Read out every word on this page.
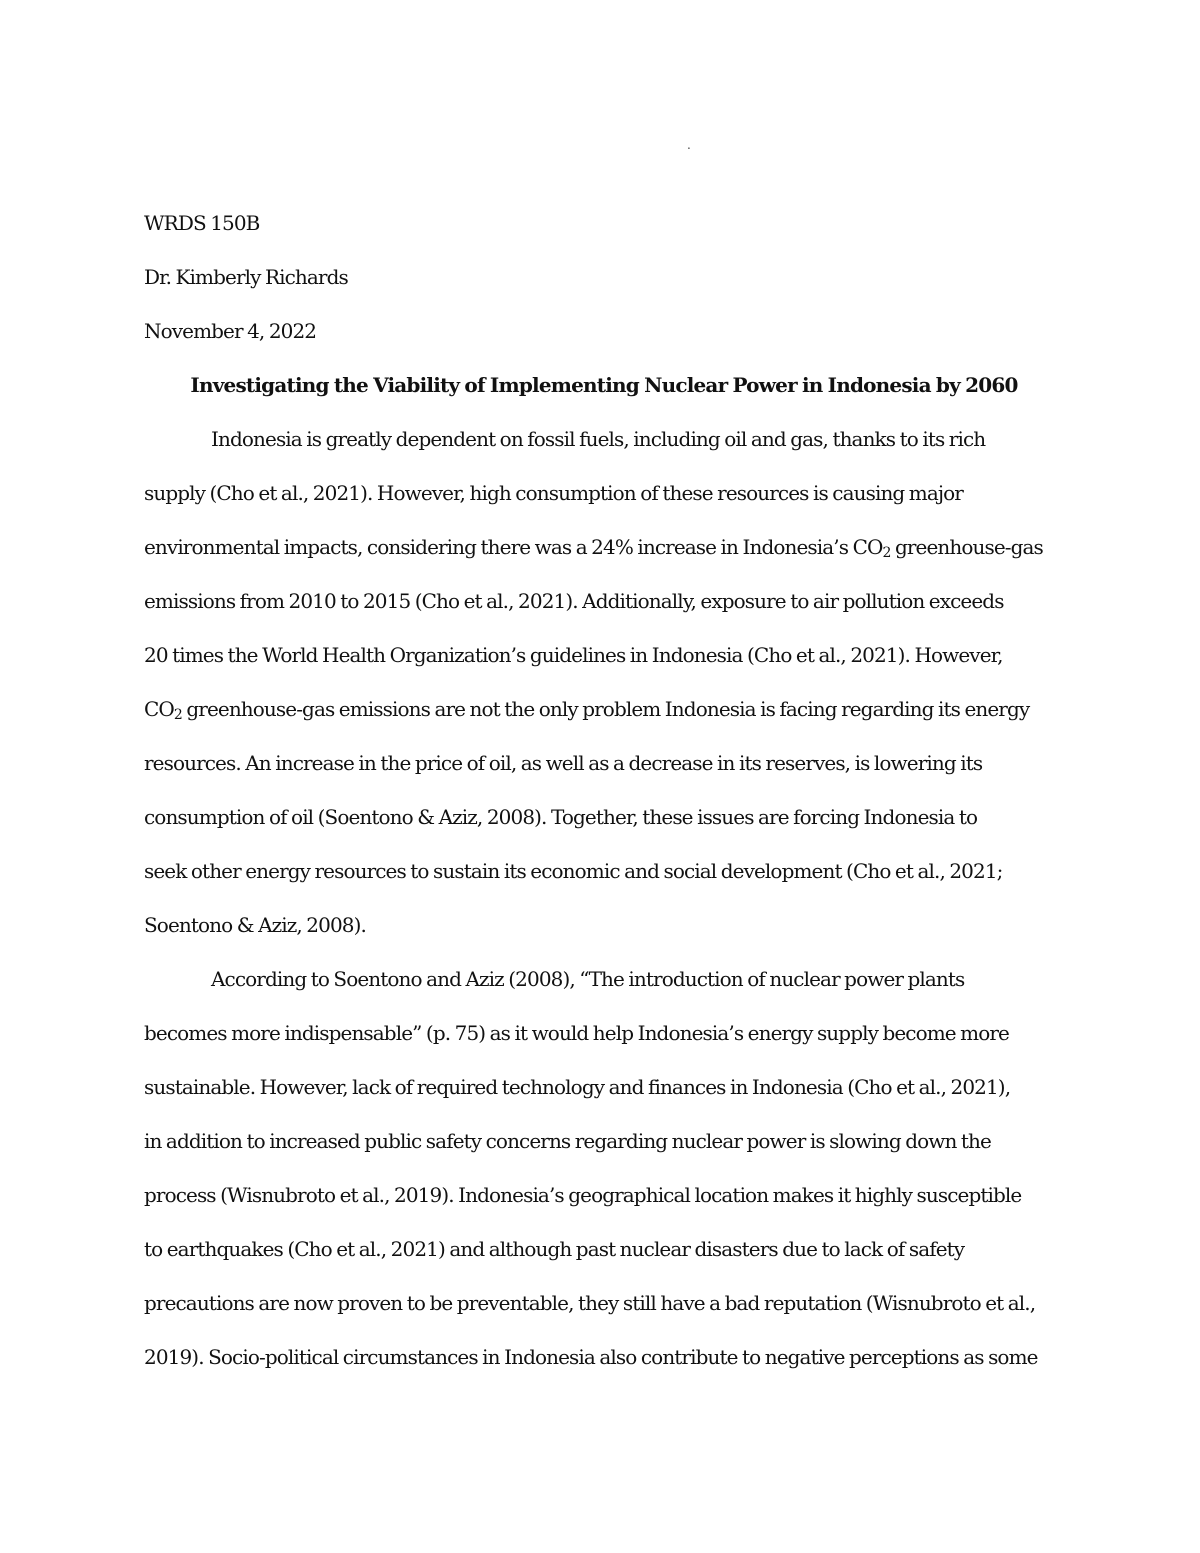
.
WRDS 150B
Dr. Kimberly Richards
November 4, 2022
Investigating the Viability of Implementing Nuclear Power in Indonesia by 2060
Indonesia is greatly dependent on fossil fuels, including oil and gas, thanks to its rich
supply (Cho et al., 2021). However, high consumption of these resources is causing major
environmental impacts, considering there was a 24% increase in Indonesia’s $CO_2$ greenhouse-gas
emissions from 2010 to 2015 (Cho et al., 2021). Additionally, exposure to air pollution exceeds
20 times the World Health Organization’s guidelines in Indonesia (Cho et al., 2021). However,
$CO_2$ greenhouse-gas emissions are not the only problem Indonesia is facing regarding its energy
resources. An increase in the price of oil, as well as a decrease in its reserves, is lowering its
consumption of oil (Soentono & Aziz, 2008). Together, these issues are forcing Indonesia to
seek other energy resources to sustain its economic and social development (Cho et al., 2021;
Soentono & Aziz, 2008).
According to Soentono and Aziz (2008), “The introduction of nuclear power plants
becomes more indispensable” (p. 75) as it would help Indonesia’s energy supply become more
sustainable. However, lack of required technology and finances in Indonesia (Cho et al., 2021),
in addition to increased public safety concerns regarding nuclear power is slowing down the
process (Wisnubroto et al., 2019). Indonesia’s geographical location makes it highly susceptible
to earthquakes (Cho et al., 2021) and although past nuclear disasters due to lack of safety
precautions are now proven to be preventable, they still have a bad reputation (Wisnubroto et al.,
2019). Socio-political circumstances in Indonesia also contribute to negative perceptions as some
